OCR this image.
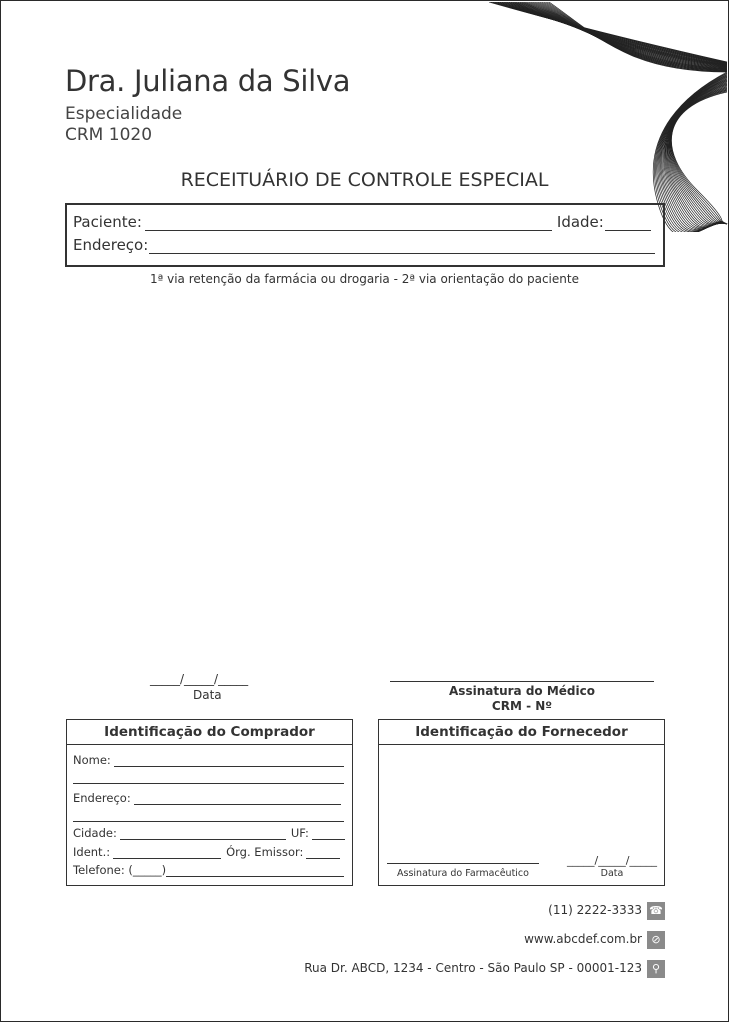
Dra. Juliana da Silva
Especialidade
CRM 1020
RECEITUÁRIO DE CONTROLE ESPECIAL
Paciente:	Idade:
Endereço:
1ª via retenção da farmácia ou drogaria - 2ª via orientação do paciente
_____/_____/_____
Data	Assinatura do Médico
CRM - Nº
Identificação do Comprador
Nome:
Endereço:
Cidade:	UF:
Ident.:	Órg. Emissor:
Telefone: (_____)
Identificação do Fornecedor
Assinatura do Farmacêutico
_____/_____/_____
Data
(11) 2222-3333 ☎
www.abcdef.com.br ⊘
Rua Dr. ABCD, 1234 - Centro - São Paulo SP - 00001-123 ⚲
